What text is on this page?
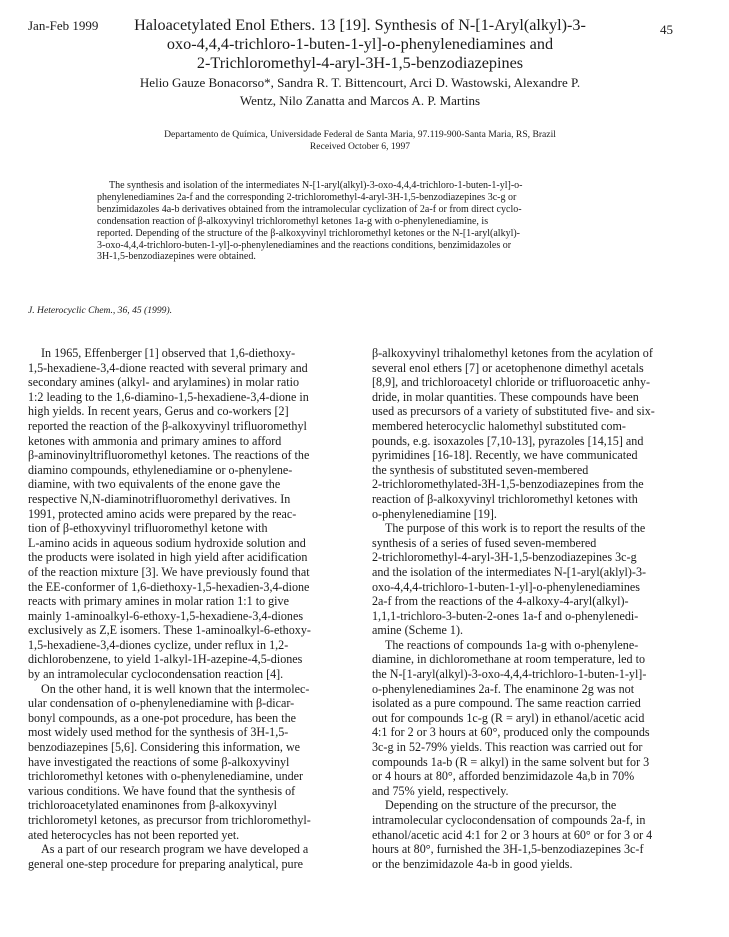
Jan-Feb 1999	45
Haloacetylated Enol Ethers. 13 [19]. Synthesis of N-[1-Aryl(alkyl)-3-
oxo-4,4,4-trichloro-1-buten-1-yl]-o-phenylenediamines and
2-Trichloromethyl-4-aryl-3H-1,5-benzodiazepines
Helio Gauze Bonacorso*, Sandra R. T. Bittencourt, Arci D. Wastowski, Alexandre P.
Wentz, Nilo Zanatta and Marcos A. P. Martins
Departamento de Química, Universidade Federal de Santa Maria, 97.119-900-Santa Maria, RS, Brazil
Received October 6, 1997
The synthesis and isolation of the intermediates N-[1-aryl(alkyl)-3-oxo-4,4,4-trichloro-1-buten-1-yl]-o-
phenylenediamines 2a-f and the corresponding 2-trichloromethyl-4-aryl-3H-1,5-benzodiazepines 3c-g or
benzimidazoles 4a-b derivatives obtained from the intramolecular cyclization of 2a-f or from direct cyclo-
condensation reaction of β-alkoxyvinyl trichloromethyl ketones 1a-g with o-phenylenediamine, is
reported. Depending of the structure of the β-alkoxyvinyl trichloromethyl ketones or the N-[1-aryl(alkyl)-
3-oxo-4,4,4-trichloro-buten-1-yl]-o-phenylenediamines and the reactions conditions, benzimidazoles or
3H-1,5-benzodiazepines were obtained.
J. Heterocyclic Chem., 36, 45 (1999).
In 1965, Effenberger [1] observed that 1,6-diethoxy-
1,5-hexadiene-3,4-dione reacted with several primary and
secondary amines (alkyl- and arylamines) in molar ratio
1:2 leading to the 1,6-diamino-1,5-hexadiene-3,4-dione in
high yields. In recent years, Gerus and co-workers [2]
reported the reaction of the β-alkoxyvinyl trifluoromethyl
ketones with ammonia and primary amines to afford
β-aminovinyltrifluoromethyl ketones. The reactions of the
diamino compounds, ethylenediamine or o-phenylene-
diamine, with two equivalents of the enone gave the
respective N,N-diaminotrifluoromethyl derivatives. In
1991, protected amino acids were prepared by the reac-
tion of β-ethoxyvinyl trifluoromethyl ketone with
L-amino acids in aqueous sodium hydroxide solution and
the products were isolated in high yield after acidification
of the reaction mixture [3]. We have previously found that
the EE-conformer of 1,6-diethoxy-1,5-hexadien-3,4-dione
reacts with primary amines in molar ration 1:1 to give
mainly 1-aminoalkyl-6-ethoxy-1,5-hexadiene-3,4-diones
exclusively as Z,E isomers. These 1-aminoalkyl-6-ethoxy-
1,5-hexadiene-3,4-diones cyclize, under reflux in 1,2-
dichlorobenzene, to yield 1-alkyl-1H-azepine-4,5-diones
by an intramolecular cyclocondensation reaction [4].
On the other hand, it is well known that the intermolec-
ular condensation of o-phenylenediamine with β-dicar-
bonyl compounds, as a one-pot procedure, has been the
most widely used method for the synthesis of 3H-1,5-
benzodiazepines [5,6]. Considering this information, we
have investigated the reactions of some β-alkoxyvinyl
trichloromethyl ketones with o-phenylenediamine, under
various conditions. We have found that the synthesis of
trichloroacetylated enaminones from β-alkoxyvinyl
trichlorometyl ketones, as precursor from trichloromethyl-
ated heterocycles has not been reported yet.
As a part of our research program we have developed a
general one-step procedure for preparing analytical, pure
β-alkoxyvinyl trihalomethyl ketones from the acylation of
several enol ethers [7] or acetophenone dimethyl acetals
[8,9], and trichloroacetyl chloride or trifluoroacetic anhy-
dride, in molar quantities. These compounds have been
used as precursors of a variety of substituted five- and six-
membered heterocyclic halomethyl substituted com-
pounds, e.g. isoxazoles [7,10-13], pyrazoles [14,15] and
pyrimidines [16-18]. Recently, we have communicated
the synthesis of substituted seven-membered
2-trichloromethylated-3H-1,5-benzodiazepines from the
reaction of β-alkoxyvinyl trichloromethyl ketones with
o-phenylenediamine [19].
The purpose of this work is to report the results of the
synthesis of a series of fused seven-membered
2-trichloromethyl-4-aryl-3H-1,5-benzodiazepines 3c-g
and the isolation of the intermediates N-[1-aryl(aklyl)-3-
oxo-4,4,4-trichloro-1-buten-1-yl]-o-phenylenediamines
2a-f from the reactions of the 4-alkoxy-4-aryl(alkyl)-
1,1,1-trichloro-3-buten-2-ones 1a-f and o-phenylenedi-
amine (Scheme 1).
The reactions of compounds 1a-g with o-phenylene-
diamine, in dichloromethane at room temperature, led to
the N-[1-aryl(alkyl)-3-oxo-4,4,4-trichloro-1-buten-1-yl]-
o-phenylenediamines 2a-f. The enaminone 2g was not
isolated as a pure compound. The same reaction carried
out for compounds 1c-g (R = aryl) in ethanol/acetic acid
4:1 for 2 or 3 hours at 60°, produced only the compounds
3c-g in 52-79% yields. This reaction was carried out for
compounds 1a-b (R = alkyl) in the same solvent but for 3
or 4 hours at 80°, afforded benzimidazole 4a,b in 70%
and 75% yield, respectively.
Depending on the structure of the precursor, the
intramolecular cyclocondensation of compounds 2a-f, in
ethanol/acetic acid 4:1 for 2 or 3 hours at 60° or for 3 or 4
hours at 80°, furnished the 3H-1,5-benzodiazepines 3c-f
or the benzimidazole 4a-b in good yields.
